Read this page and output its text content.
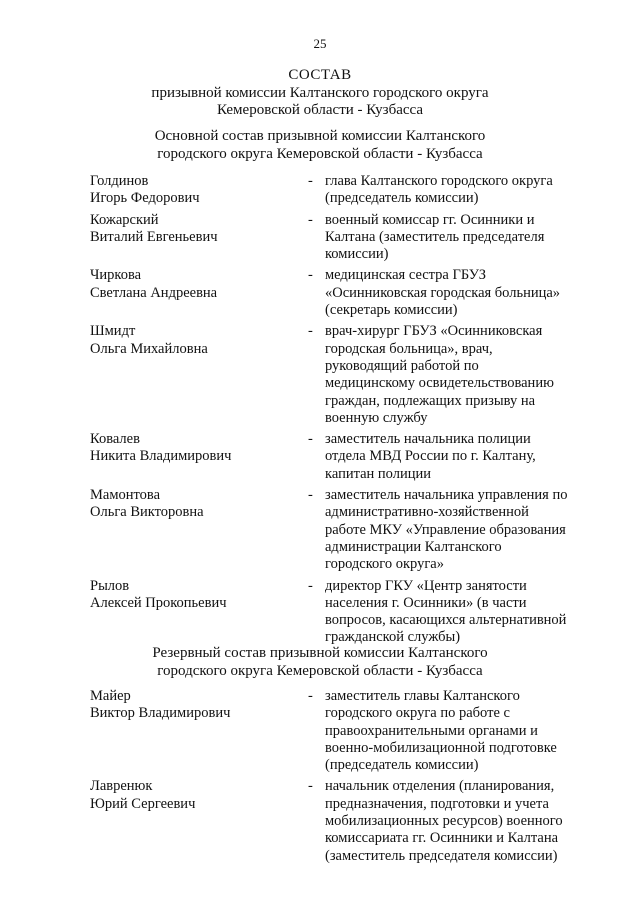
25
СОСТАВ
призывной комиссии Калтанского городского округа
Кемеровской области - Кузбасса
Основной состав призывной комиссии Калтанского
городского округа Кемеровской области - Кузбасса
Голдинов
Игорь Федорович
- глава Калтанского городского округа
(председатель комиссии)
Кожарский
Виталий Евгеньевич
- военный комиссар гг. Осинники и
Калтана (заместитель председателя
комиссии)
Чиркова
Светлана Андреевна
- медицинская сестра ГБУЗ
«Осинниковская городская больница»
(секретарь комиссии)
Шмидт
Ольга Михайловна
- врач-хирург ГБУЗ «Осинниковская
городская больница», врач,
руководящий работой по
медицинскому освидетельствованию
граждан, подлежащих призыву на
военную службу
Ковалев
Никита Владимирович
- заместитель начальника полиции
отдела МВД России по г. Калтану,
капитан полиции
Мамонтова
Ольга Викторовна
- заместитель начальника управления по
административно-хозяйственной
работе МКУ «Управление образования
администрации Калтанского
городского округа»
Рылов
Алексей Прокопьевич
- директор ГКУ «Центр занятости
населения г. Осинники» (в части
вопросов, касающихся альтернативной
гражданской службы)
Резервный состав призывной комиссии Калтанского
городского округа Кемеровской области - Кузбасса
Майер
Виктор Владимирович
- заместитель главы Калтанского
городского округа по работе с
правоохранительными органами и
военно-мобилизационной подготовке
(председатель комиссии)
Лавренюк
Юрий Сергеевич
- начальник отделения (планирования,
предназначения, подготовки и учета
мобилизационных ресурсов) военного
комиссариата гг. Осинники и Калтана
(заместитель председателя комиссии)
